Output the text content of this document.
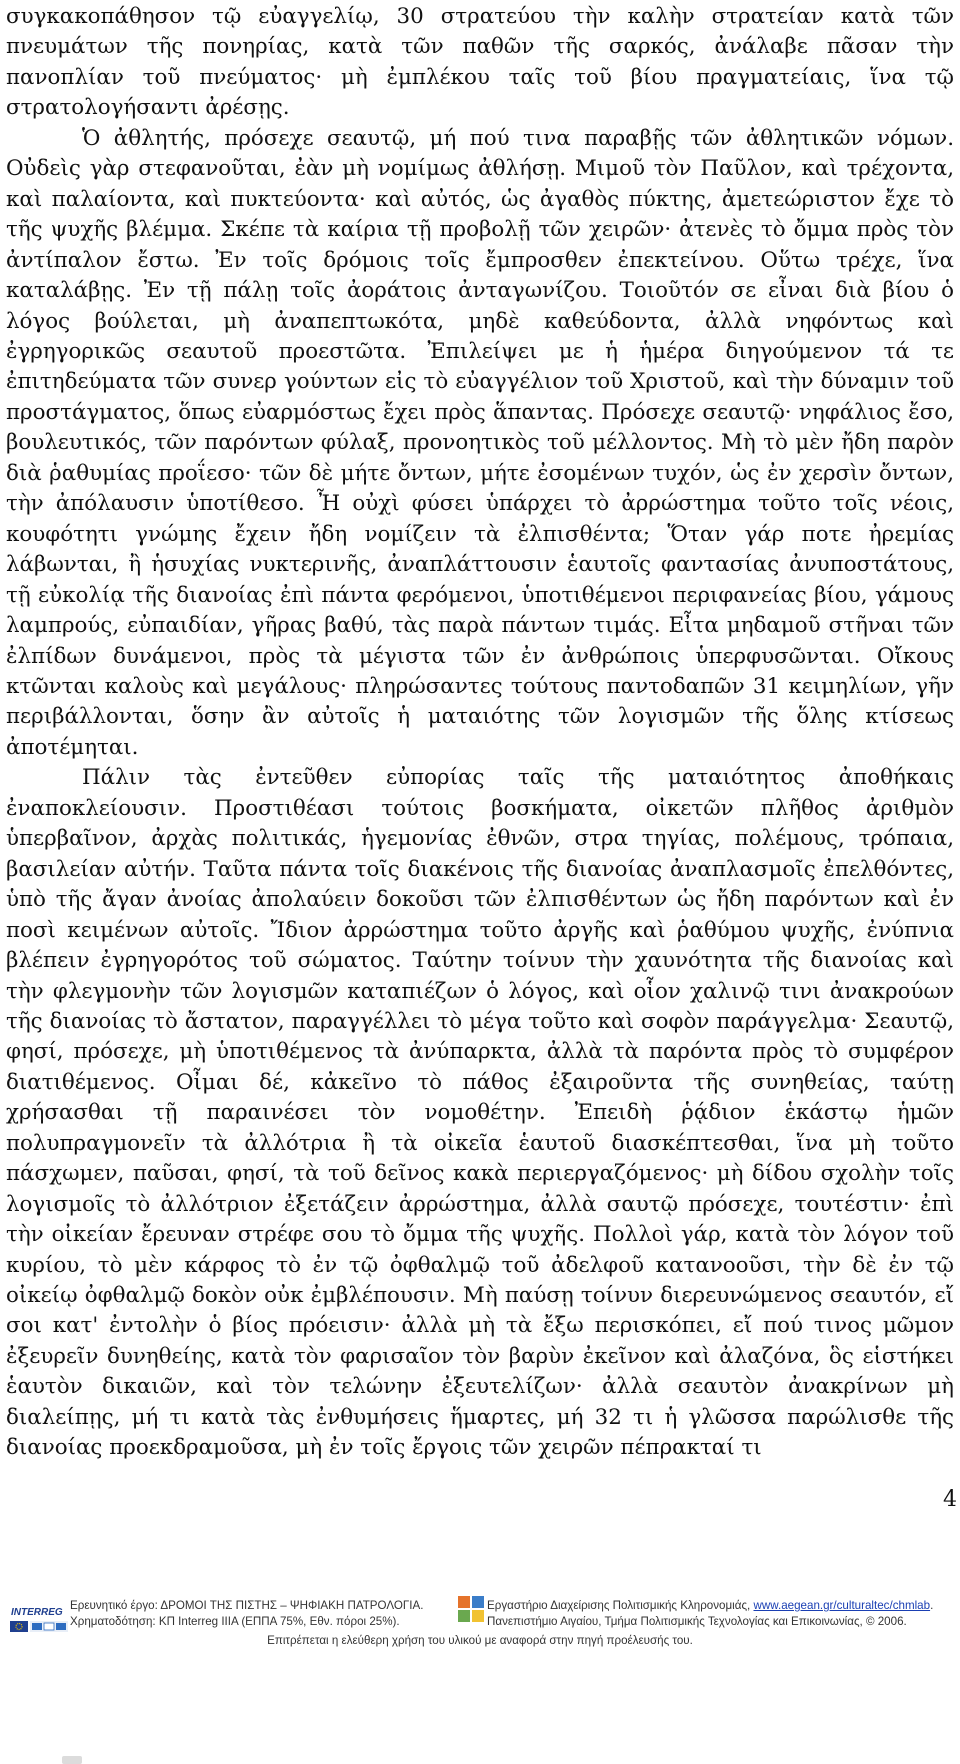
συγκακοπάθησον τῷ εὐαγγελίῳ, 30 στρατεύου τὴν καλὴν στρατείαν κατὰ τῶν πνευμάτων τῆς πονηρίας, κατὰ τῶν παθῶν τῆς σαρκός, ἀνάλαβε πᾶσαν τὴν πανοπλίαν τοῦ πνεύματος· μὴ ἐμπλέκου ταῖς τοῦ βίου πραγματείαις, ἵνα τῷ στρατολογήσαντι ἀρέσῃς.

Ὁ ἀθλητής, πρόσεχε σεαυτῷ, μή πού τινα παραβῇς τῶν ἀθλητικῶν νόμων. Οὐδεὶς γὰρ στεφανοῦται, ἐὰν μὴ νομίμως ἀθλήσῃ. Μιμοῦ τὸν Παῦλον, καὶ τρέχοντα, καὶ παλαίοντα, καὶ πυκτεύοντα· καὶ αὐτός, ὡς ἀγαθὸς πύκτης, ἀμετεώριστον ἔχε τὸ τῆς ψυχῆς βλέμμα. Σκέπε τὰ καίρια τῇ προβολῇ τῶν χειρῶν· ἀτενὲς τὸ ὄμμα πρὸς τὸν ἀντίπαλον ἔστω. Ἐν τοῖς δρόμοις τοῖς ἔμπροσθεν ἐπεκτείνου. Οὕτω τρέχε, ἵνα καταλάβῃς. Ἐν τῇ πάλῃ τοῖς ἀοράτοις ἀνταγωνίζου. Τοιοῦτόν σε εἶναι διὰ βίου ὁ λόγος βούλεται, μὴ ἀναπεπτωκότα, μηδὲ καθεύδοντα, ἀλλὰ νηφόντως καὶ ἐγρηγορικῶς σεαυτοῦ προεστῶτα. Ἐπιλείψει με ἡ ἡμέρα διηγούμενον τά τε ἐπιτηδεύματα τῶν συνερ γούντων εἰς τὸ εὐαγγέλιον τοῦ Χριστοῦ, καὶ τὴν δύναμιν τοῦ προστάγματος, ὅπως εὐαρμόστως ἔχει πρὸς ἅπαντας. Πρόσεχε σεαυτῷ· νηφάλιος ἔσο, βουλευτικός, τῶν παρόντων φύλαξ, προνοητικὸς τοῦ μέλλοντος. Μὴ τὸ μὲν ἤδη παρὸν διὰ ῥαθυμίας προΐεσο· τῶν δὲ μήτε ὄντων, μήτε ἐσομένων τυχόν, ὡς ἐν χερσὶν ὄντων, τὴν ἀπόλαυσιν ὑποτίθεσο. Ἦ οὐχὶ φύσει ὑπάρχει τὸ ἀρρώστημα τοῦτο τοῖς νέοις, κουφότητι γνώμης ἔχειν ἤδη νομίζειν τὰ ἐλπισθέντα; Ὅταν γάρ ποτε ἠρεμίας λάβωνται, ἢ ἡσυχίας νυκτερινῆς, ἀναπλάττουσιν ἑαυτοῖς φαντασίας ἀνυποστάτους, τῇ εὐκολίᾳ τῆς διανοίας ἐπὶ πάντα φερόμενοι, ὑποτιθέμενοι περιφανείας βίου, γάμους λαμπρούς, εὐπαιδίαν, γῆρας βαθύ, τὰς παρὰ πάντων τιμάς. Εἶτα μηδαμοῦ στῆναι τῶν ἐλπίδων δυνάμενοι, πρὸς τὰ μέγιστα τῶν ἐν ἀνθρώποις ὑπερφυσῶνται. Οἴκους κτῶνται καλοὺς καὶ μεγάλους· πληρώσαντες τούτους παντοδαπῶν 31 κειμηλίων, γῆν περιβάλλονται, ὅσην ἂν αὐτοῖς ἡ ματαιότης τῶν λογισμῶν τῆς ὅλης κτίσεως ἀποτέμηται.

Πάλιν τὰς ἐντεῦθεν εὐπορίας ταῖς τῆς ματαιότητος ἀποθήκαις ἐναποκλείουσιν. Προστιθέασι τούτοις βοσκήματα, οἰκετῶν πλῆθος ἀριθμὸν ὑπερβαῖνον, ἀρχὰς πολιτικάς, ἡγεμονίας ἐθνῶν, στρα τηγίας, πολέμους, τρόπαια, βασιλείαν αὐτήν. Ταῦτα πάντα τοῖς διακένοις τῆς διανοίας ἀναπλασμοῖς ἐπελθόντες, ὑπὸ τῆς ἄγαν ἀνοίας ἀπολαύειν δοκοῦσι τῶν ἐλπισθέντων ὡς ἤδη παρόντων καὶ ἐν ποσὶ κειμένων αὐτοῖς. Ἴδιον ἀρρώστημα τοῦτο ἀργῆς καὶ ῥαθύμου ψυχῆς, ἐνύπνια βλέπειν ἐγρηγορότος τοῦ σώματος. Ταύτην τοίνυν τὴν χαυνότητα τῆς διανοίας καὶ τὴν φλεγμονὴν τῶν λογισμῶν καταπιέζων ὁ λόγος, καὶ οἷον χαλινῷ τινι ἀνακρούων τῆς διανοίας τὸ ἄστατον, παραγγέλλει τὸ μέγα τοῦτο καὶ σοφὸν παράγγελμα· Σεαυτῷ, φησί, πρόσεχε, μὴ ὑποτιθέμενος τὰ ἀνύπαρκτα, ἀλλὰ τὰ παρόντα πρὸς τὸ συμφέρον διατιθέμενος. Οἶμαι δέ, κἀκεῖνο τὸ πάθος ἐξαιροῦντα τῆς συνηθείας, ταύτῃ χρήσασθαι τῇ παραινέσει τὸν νομοθέτην. Ἐπειδὴ ῥᾴδιον ἑκάστῳ ἡμῶν πολυπραγμονεῖν τὰ ἀλλότρια ἢ τὰ οἰκεῖα ἑαυτοῦ διασκέπτεσθαι, ἵνα μὴ τοῦτο πάσχωμεν, παῦσαι, φησί, τὰ τοῦ δεῖνος κακὰ περιεργαζόμενος· μὴ δίδου σχολὴν τοῖς λογισμοῖς τὸ ἀλλότριον ἐξετάζειν ἀρρώστημα, ἀλλὰ σαυτῷ πρόσεχε, τουτέστιν· ἐπὶ τὴν οἰκείαν ἔρευναν στρέφε σου τὸ ὄμμα τῆς ψυχῆς. Πολλοὶ γάρ, κατὰ τὸν λόγον τοῦ κυρίου, τὸ μὲν κάρφος τὸ ἐν τῷ ὀφθαλμῷ τοῦ ἀδελφοῦ κατανοοῦσι, τὴν δὲ ἐν τῷ οἰκείῳ ὀφθαλμῷ δοκὸν οὐκ ἐμβλέπουσιν. Μὴ παύσῃ τοίνυν διερευνώμενος σεαυτόν, εἴ σοι κατ' ἐντολὴν ὁ βίος πρόεισιν· ἀλλὰ μὴ τὰ ἔξω περισκόπει, εἴ πού τινος μῶμον ἐξευρεῖν δυνηθείης, κατὰ τὸν φαρισαῖον τὸν βαρὺν ἐκεῖνον καὶ ἀλαζόνα, ὃς εἱστήκει ἑαυτὸν δικαιῶν, καὶ τὸν τελώνην ἐξευτελίζων· ἀλλὰ σεαυτὸν ἀνακρίνων μὴ διαλείπῃς, μή τι κατὰ τὰς ἐνθυμήσεις ἥμαρτες, μή 32 τι ἡ γλῶσσα παρώλισθε τῆς διανοίας προεκδραμοῦσα, μὴ ἐν τοῖς ἔργοις τῶν χειρῶν πέπρακταί τι

4
INTERREG
Ερευνητικό έργο: ΔΡΟΜΟΙ ΤΗΣ ΠΙΣΤΗΣ – ΨΗΦΙΑΚΗ ΠΑΤΡΟΛΟΓΙΑ.
Χρηματοδότηση: ΚΠ Interreg IIIA (ΕΠΠΑ 75%, Εθν. πόροι 25%).
Εργαστήριο Διαχείρισης Πολιτισμικής Κληρονομιάς, www.aegean.gr/culturaltec/chmlab.
Πανεπιστήμιο Αιγαίου, Τμήμα Πολιτισμικής Τεχνολογίας και Επικοινωνίας, © 2006.
Επιτρέπεται η ελεύθερη χρήση του υλικού με αναφορά στην πηγή προέλευσής του.
